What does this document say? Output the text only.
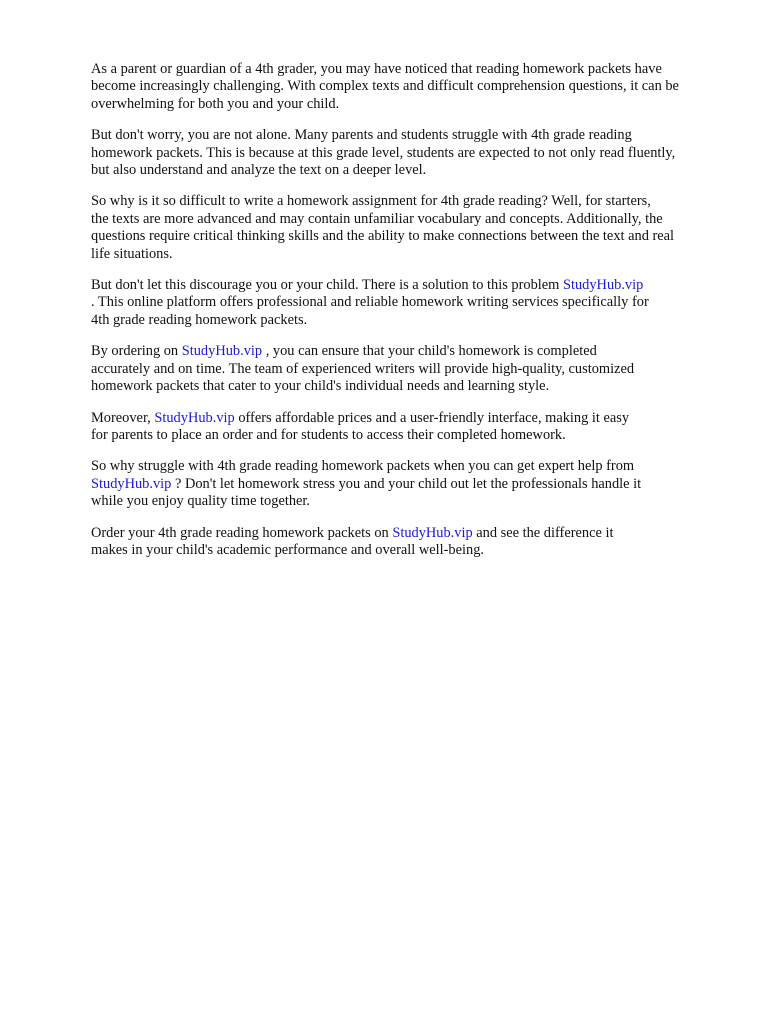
As a parent or guardian of a 4th grader, you may have noticed that reading homework packets have
become increasingly challenging. With complex texts and difficult comprehension questions, it can be
overwhelming for both you and your child.

But don't worry, you are not alone. Many parents and students struggle with 4th grade reading
homework packets. This is because at this grade level, students are expected to not only read fluently,
but also understand and analyze the text on a deeper level.

So why is it so difficult to write a homework assignment for 4th grade reading? Well, for starters,
the texts are more advanced and may contain unfamiliar vocabulary and concepts. Additionally, the
questions require critical thinking skills and the ability to make connections between the text and real
life situations.

But don't let this discourage you or your child. There is a solution to this problem StudyHub.vip
. This online platform offers professional and reliable homework writing services specifically for
4th grade reading homework packets.

By ordering on StudyHub.vip , you can ensure that your child's homework is completed
accurately and on time. The team of experienced writers will provide high-quality, customized
homework packets that cater to your child's individual needs and learning style.

Moreover, StudyHub.vip offers affordable prices and a user-friendly interface, making it easy
for parents to place an order and for students to access their completed homework.

So why struggle with 4th grade reading homework packets when you can get expert help from
StudyHub.vip ? Don't let homework stress you and your child out let the professionals handle it
while you enjoy quality time together.

Order your 4th grade reading homework packets on StudyHub.vip and see the difference it
makes in your child's academic performance and overall well-being.
